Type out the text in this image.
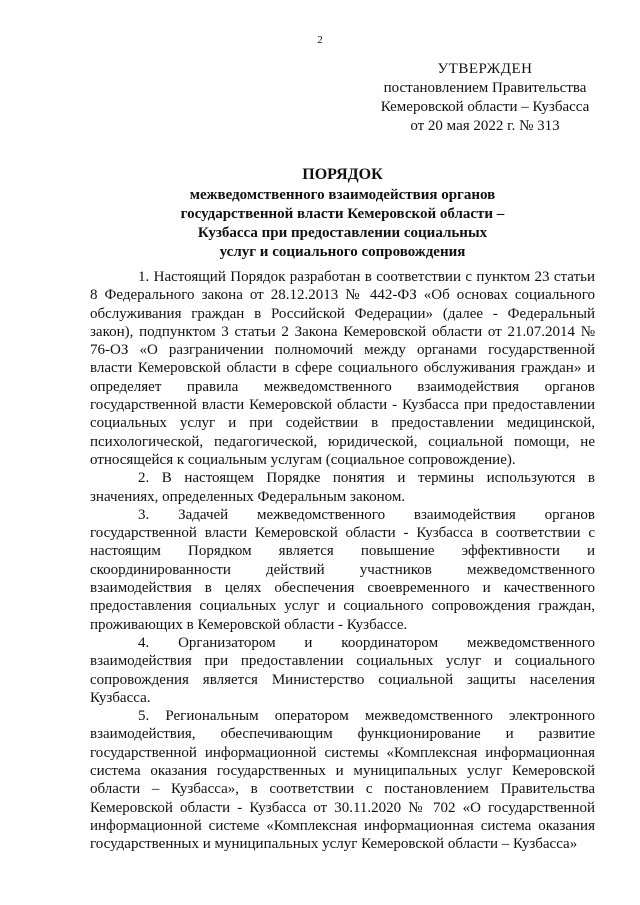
2
УТВЕРЖДЕН
постановлением Правительства
Кемеровской области – Кузбасса
от 20 мая 2022 г. № 313
ПОРЯДОК
межведомственного взаимодействия органов
государственной власти Кемеровской области –
Кузбасса при предоставлении социальных
услуг и социального сопровождения

1. Настоящий Порядок разработан в соответствии с пунктом 23 статьи 8 Федерального закона от 28.12.2013 № 442-ФЗ «Об основах социального обслуживания граждан в Российской Федерации» (далее - Федеральный закон), подпунктом 3 статьи 2 Закона Кемеровской области от 21.07.2014 № 76-ОЗ «О разграничении полномочий между органами государственной власти Кемеровской области в сфере социального обслуживания граждан» и определяет правила межведомственного взаимодействия органов государственной власти Кемеровской области - Кузбасса при предоставлении социальных услуг и при содействии в предоставлении медицинской, психологической, педагогической, юридической, социальной помощи, не относящейся к социальным услугам (социальное сопровождение).

2. В настоящем Порядке понятия и термины используются в значениях, определенных Федеральным законом.

3. Задачей межведомственного взаимодействия органов государственной власти Кемеровской области - Кузбасса в соответствии с настоящим Порядком является повышение эффективности и скоординированности действий участников межведомственного взаимодействия в целях обеспечения своевременного и качественного предоставления социальных услуг и социального сопровождения граждан, проживающих в Кемеровской области - Кузбассе.

4. Организатором и координатором межведомственного взаимодействия при предоставлении социальных услуг и социального сопровождения является Министерство социальной защиты населения Кузбасса.

5. Региональным оператором межведомственного электронного взаимодействия, обеспечивающим функционирование и развитие государственной информационной системы «Комплексная информационная система оказания государственных и муниципальных услуг Кемеровской области – Кузбасса», в соответствии с постановлением Правительства Кемеровской области - Кузбасса от 30.11.2020 № 702 «О государственной информационной системе «Комплексная информационная система оказания государственных и муниципальных услуг Кемеровской области – Кузбасса»
